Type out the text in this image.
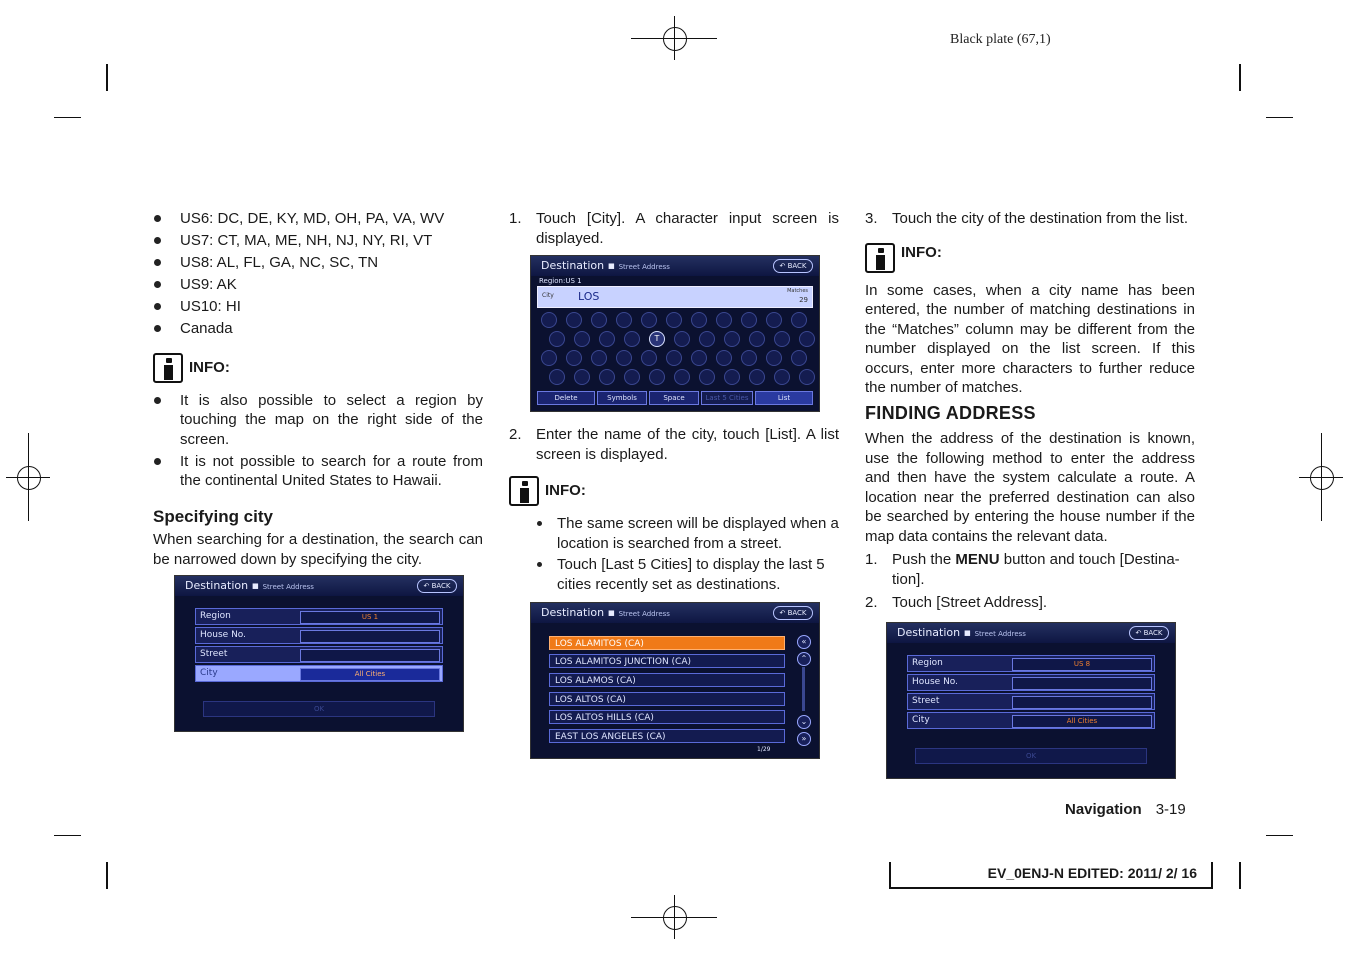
Black plate (67,1)
US6: DC, DE, KY, MD, OH, PA, VA, WV
US7: CT, MA, ME, NH, NJ, NY, RI, VT
US8: AL, FL, GA, NC, SC, TN
US9: AK
US10: HI
Canada
INFO:
It is also possible to select a region by touching the map on the right side of the screen.
It is not possible to search for a route from the continental United States to Hawaii.
Specifying city
When searching for a destination, the search can be narrowed down by specifying the city.
Destination ▪ Street Address	↶ BACK
Region	US 1
House No.
Street
City	All Cities
OK
1. Touch [City]. A character input screen is displayed.
Destination ▪ Street Address	↶ BACK
Region:US 1
City LOS	Matches
29
T
Delete	Symbols	Space	Last 5 Cities	List
2. Enter the name of the city, touch [List]. A list screen is displayed.
INFO:
The same screen will be displayed when a location is searched from a street.
Touch [Last 5 Cities] to display the last 5 cities recently set as destinations.
Destination ▪ Street Address	↶ BACK
LOS ALAMITOS (CA)
LOS ALAMITOS JUNCTION (CA)
LOS ALAMOS (CA)
LOS ALTOS (CA)
LOS ALTOS HILLS (CA)
EAST LOS ANGELES (CA)
«
⌃
⌄
»
1/29
3. Touch the city of the destination from the list.
INFO:
In some cases, when a city name has been entered, the number of matching destinations in the “Matches” column may be different from the number displayed on the list screen. If this occurs, enter more characters to further reduce the number of matches.
FINDING ADDRESS
When the address of the destination is known, use the following method to enter the address and then have the system calculate a route. A location near the preferred destination can also be searched by entering the house number if the map data contains the relevant data.
1. Push the MENU button and touch [Destina-tion].
2. Touch [Street Address].
Destination ▪ Street Address	↶ BACK
Region	US 8
House No.
Street
City	All Cities
OK
Navigation 3-19
EV_0ENJ-N EDITED: 2011/ 2/ 16
